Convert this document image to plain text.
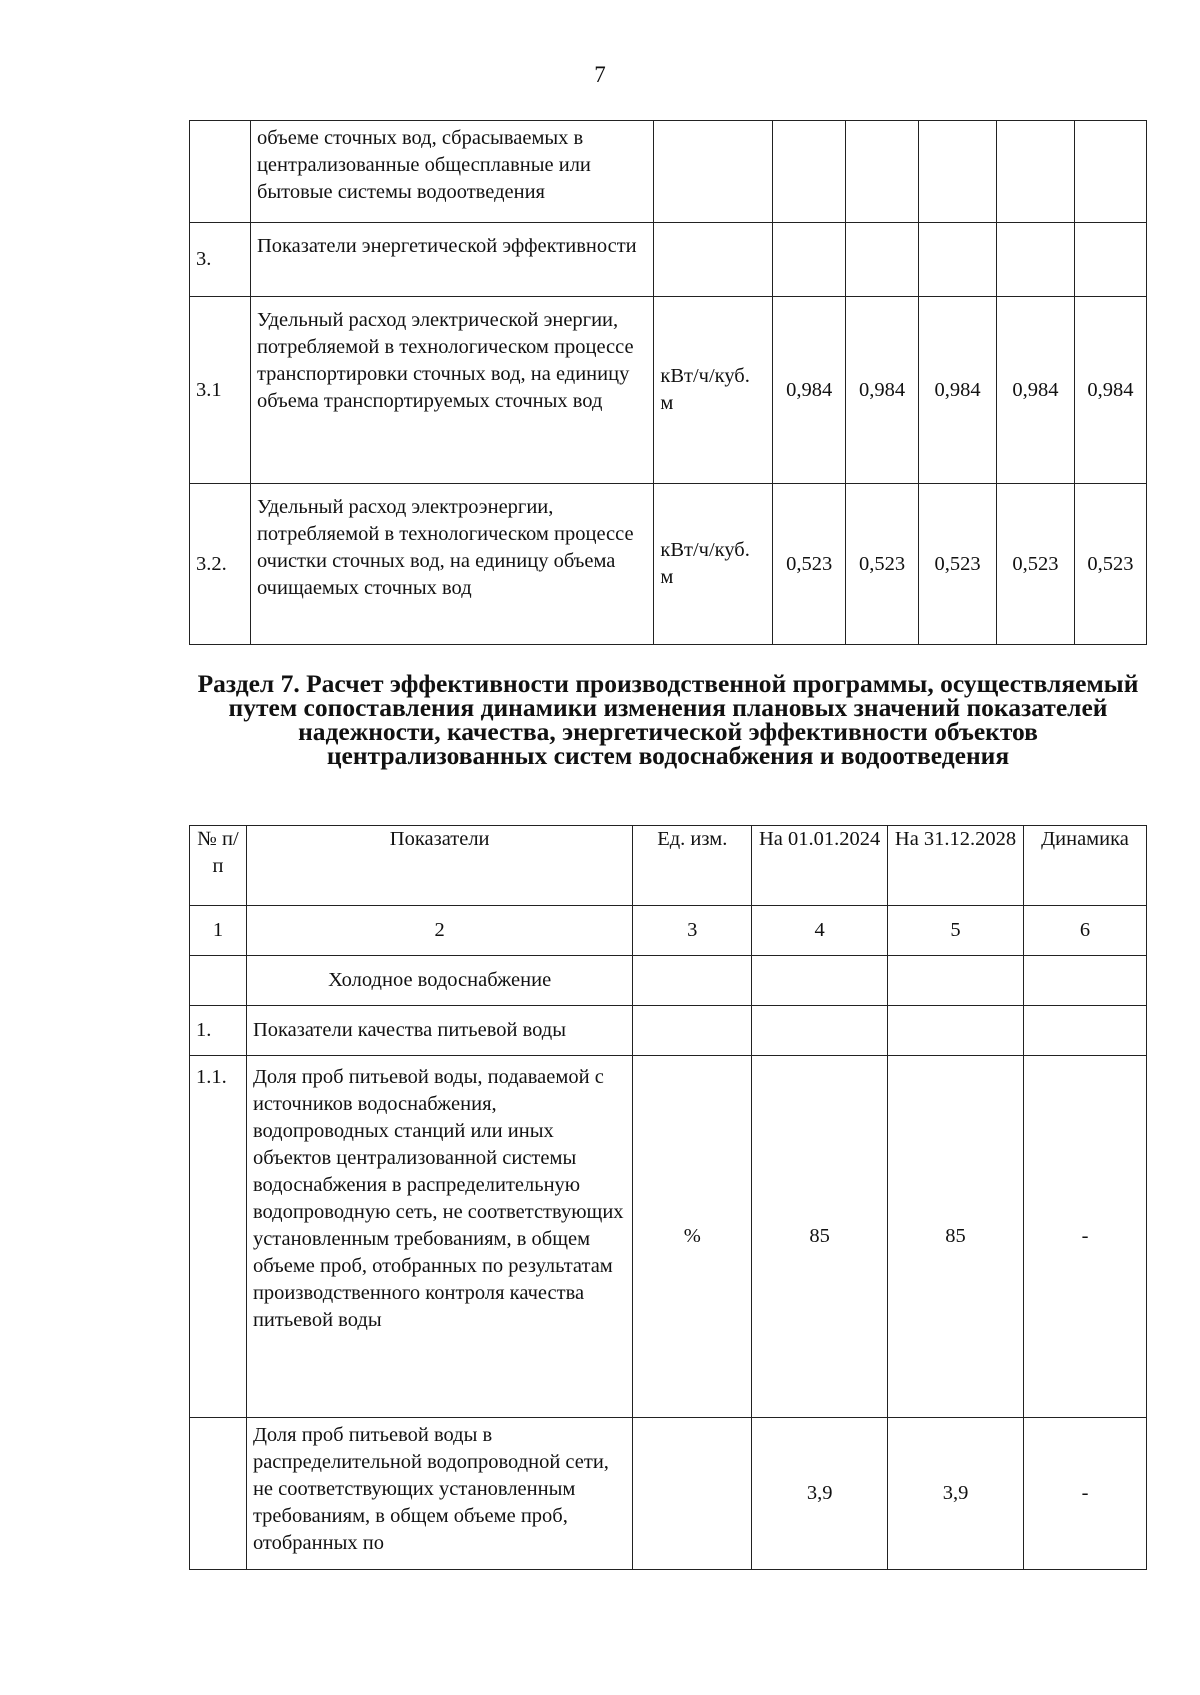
7
	объеме сточных вод, сбрасываемых в централизованные общесплавные или бытовые системы водоотведения						
3.	Показатели энергетической эффективности						
3.1	Удельный расход электрической энергии, потребляемой в технологическом процессе транспортировки сточных вод, на единицу объема транспортируемых сточных вод	кВт/ч/куб. м	0,984	0,984	0,984	0,984	0,984
3.2.	Удельный расход электроэнергии, потребляемой в технологическом процессе очистки сточных вод, на единицу объема очищаемых сточных вод	кВт/ч/куб. м	0,523	0,523	0,523	0,523	0,523
Раздел 7. Расчет эффективности производственной программы, осуществляемый путем сопоставления динамики изменения плановых значений показателей надежности, качества, энергетической эффективности объектов централизованных систем водоснабжения и водоотведения
№ п/п	Показатели	Ед. изм.	На 01.01.2024	На 31.12.2028	Динамика
1	2	3	4	5	6
	Холодное водоснабжение				
1.	Показатели качества питьевой воды				
1.1.	Доля проб питьевой воды, подаваемой с источников водоснабжения, водопроводных станций или иных объектов централизованной системы водоснабжения в распределительную водопроводную сеть, не соответствующих установленным требованиям, в общем объеме проб, отобранных по результатам производственного контроля качества питьевой воды	%	85	85	-
	Доля проб питьевой воды в распределительной водопроводной сети, не соответствующих установленным требованиям, в общем объеме проб, отобранных по		3,9	3,9	-
